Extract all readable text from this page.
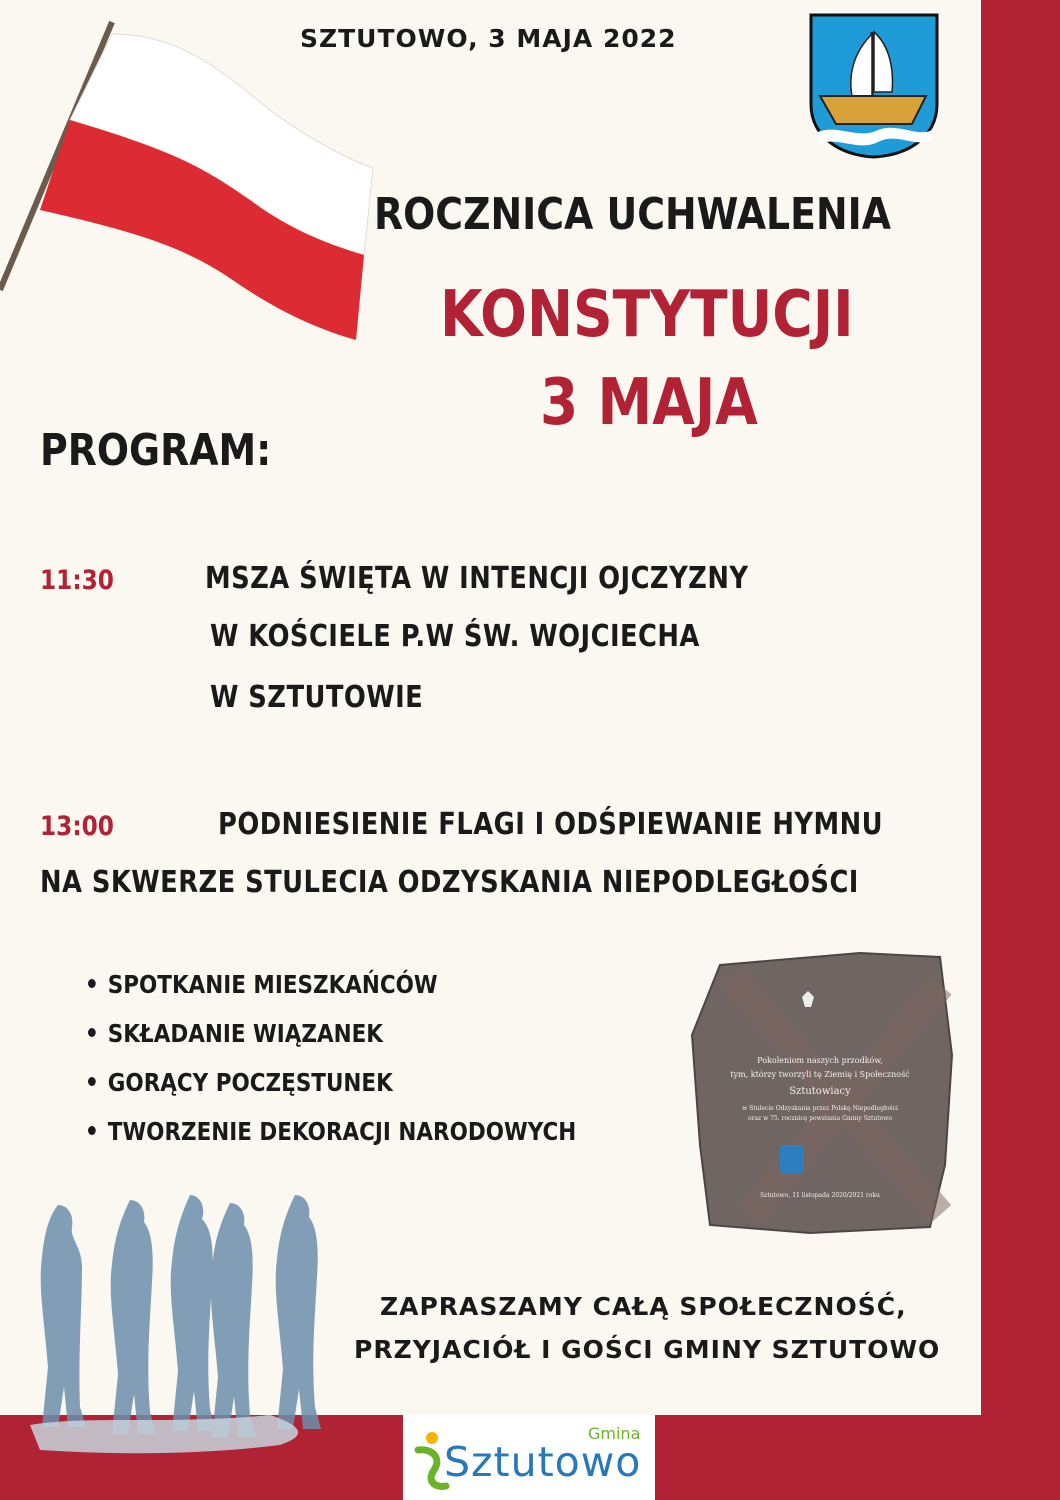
SZTUTOWO, 3 MAJA 2022
ROCZNICA UCHWALENIA
KONSTYTUCJI
3 MAJA
PROGRAM:
11:30	MSZA ŚWIĘTA W INTENCJI OJCZYZNY
W KOŚCIELE P.W ŚW. WOJCIECHA
W SZTUTOWIE
13:00	PODNIESIENIE FLAGI I ODŚPIEWANIE HYMNU
NA SKWERZE STULECIA ODZYSKANIA NIEPODLEGŁOŚCI
SPOTKANIE MIESZKAŃCÓW
SKŁADANIE WIĄZANEK
GORĄCY POCZĘSTUNEK
TWORZENIE DEKORACJI NARODOWYCH
Pokoleniom naszych przodków,
tym, którzy tworzyli tę Ziemię i Społeczność
Sztutowiacy
w Stulecie Odzyskania przez Polskę Niepodległości
oraz w 75. rocznicę powstania Gminy Sztutowo
Sztutowo, 11 listopada 2020/2021 roku
ZAPRASZAMY CAŁĄ SPOŁECZNOŚĆ,
PRZYJACIÓŁ I GOŚCI GMINY SZTUTOWO
Gmina
Sztutowo
